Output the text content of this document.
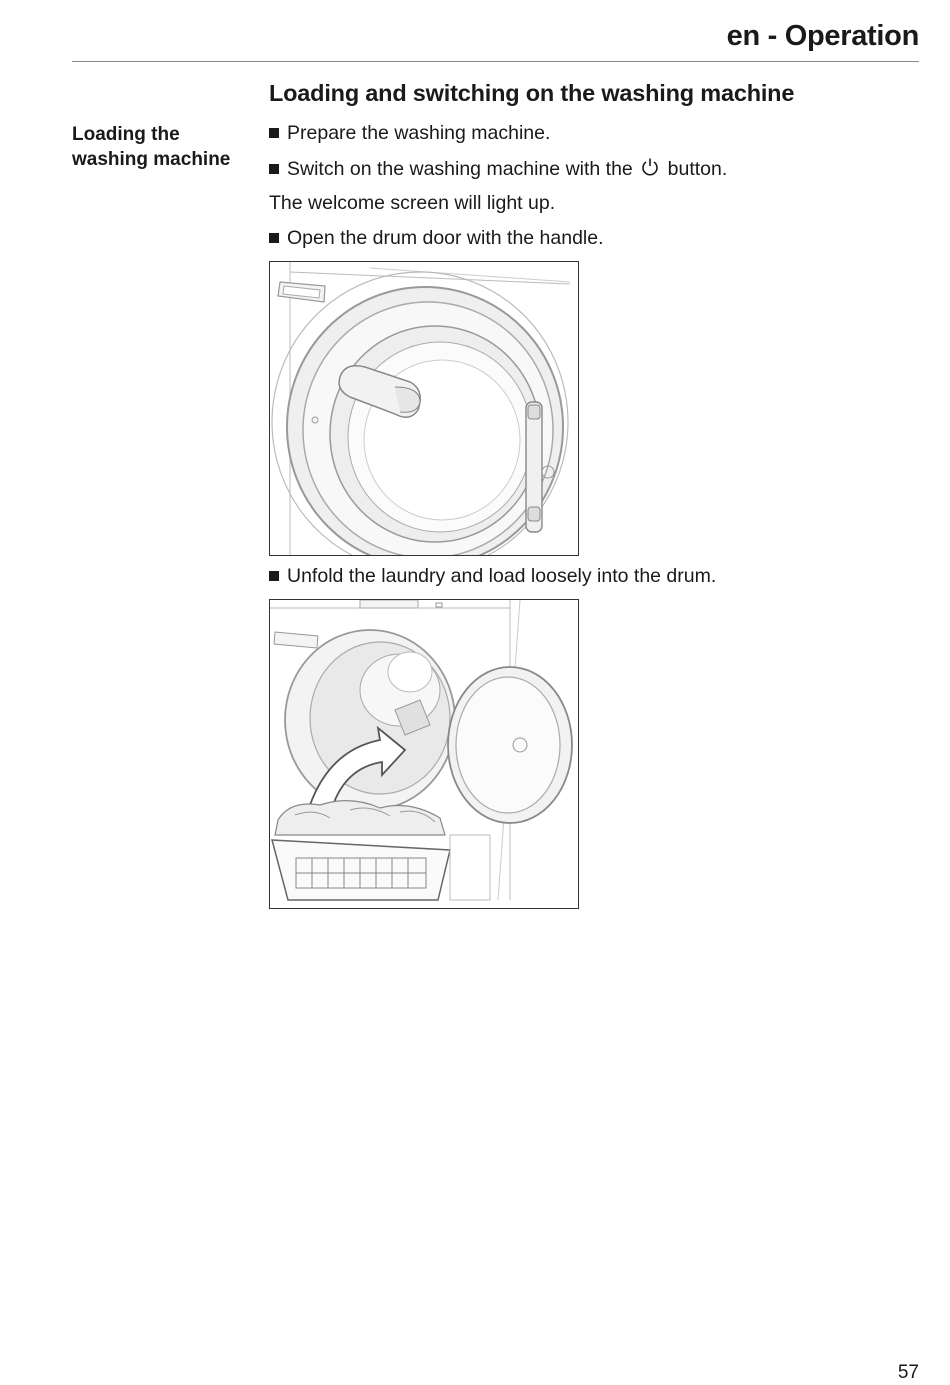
en - Operation
Loading and switching on the washing machine
Loading the
washing machine
Prepare the washing machine.
Switch on the washing machine with the button.
The welcome screen will light up.
Open the drum door with the handle.
Unfold the laundry and load loosely into the drum.
57
